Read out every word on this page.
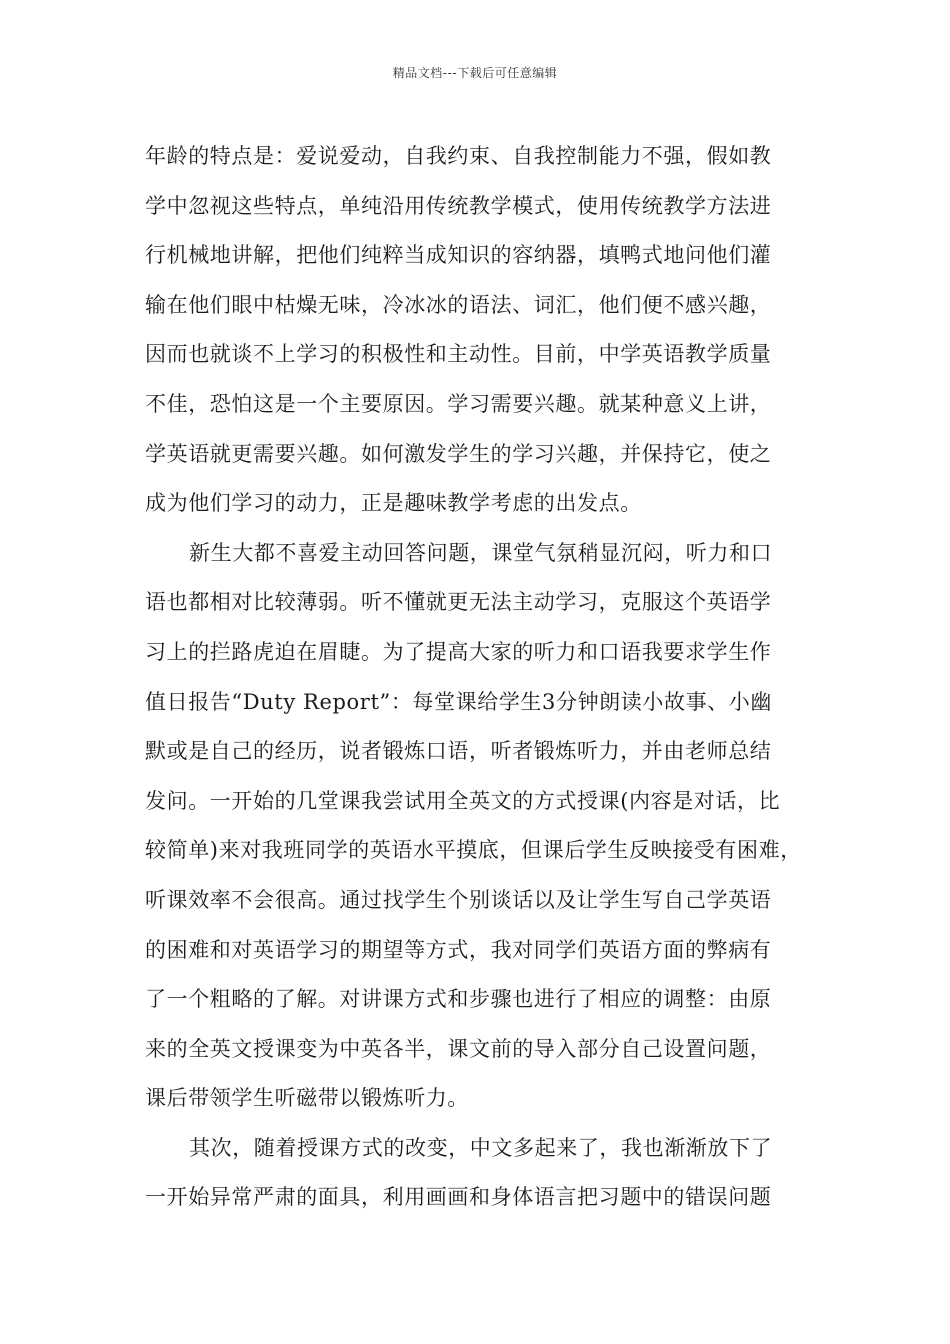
精品文档---下载后可任意编辑
年龄的特点是：爱说爱动，自我约束、自我控制能力不强，假如教
学中忽视这些特点，单纯沿用传统教学模式，使用传统教学方法进
行机械地讲解，把他们纯粹当成知识的容纳器，填鸭式地问他们灌
输在他们眼中枯燥无味，冷冰冰的语法、词汇，他们便不感兴趣，
因而也就谈不上学习的积极性和主动性。目前，中学英语教学质量
不佳，恐怕这是一个主要原因。学习需要兴趣。就某种意义上讲，
学英语就更需要兴趣。如何激发学生的学习兴趣，并保持它，使之
成为他们学习的动力，正是趣味教学考虑的出发点。
新生大都不喜爱主动回答问题，课堂气氛稍显沉闷，听力和口
语也都相对比较薄弱。听不懂就更无法主动学习，克服这个英语学
习上的拦路虎迫在眉睫。为了提高大家的听力和口语我要求学生作
值日报告“Duty Report”：每堂课给学生3分钟朗读小故事、小幽
默或是自己的经历，说者锻炼口语，听者锻炼听力，并由老师总结
发问。一开始的几堂课我尝试用全英文的方式授课(内容是对话，比
较简单)来对我班同学的英语水平摸底，但课后学生反映接受有困难，
听课效率不会很高。通过找学生个别谈话以及让学生写自己学英语
的困难和对英语学习的期望等方式，我对同学们英语方面的弊病有
了一个粗略的了解。对讲课方式和步骤也进行了相应的调整：由原
来的全英文授课变为中英各半，课文前的导入部分自己设置问题，
课后带领学生听磁带以锻炼听力。
其次，随着授课方式的改变，中文多起来了，我也渐渐放下了
一开始异常严肃的面具，利用画画和身体语言把习题中的错误问题
